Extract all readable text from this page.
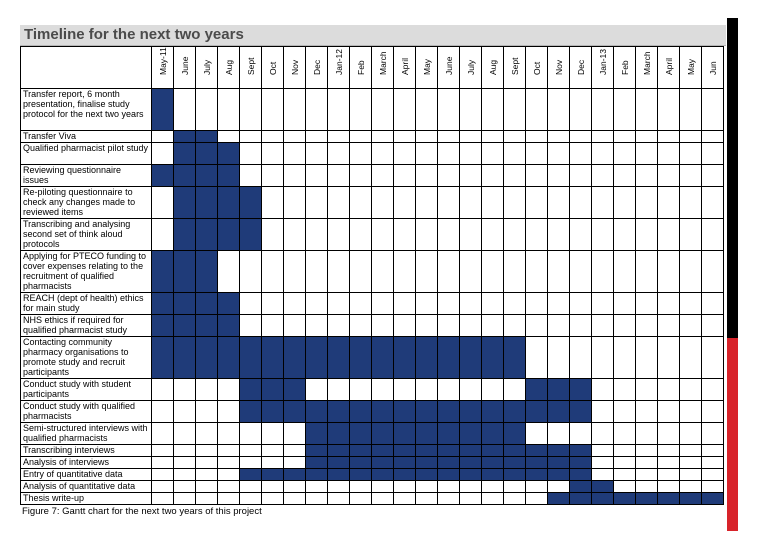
Timeline for the next two years
May-11 June July Aug Sept Oct Nov Dec Jan-12 Feb March April May June July Aug Sept Oct Nov Dec Jan-13 Feb March April May Jun
Transfer report, 6 month presentation, finalise study protocol for the next two years
Transfer Viva
Qualified pharmacist pilot study
Reviewing questionnaire issues
Re-piloting questionnaire to check any changes made to reviewed items
Transcribing and analysing second set of think aloud protocols
Applying for PTECO funding to cover expenses relating to the recruitment of qualified pharmacists
REACH (dept of health) ethics for main study
NHS ethics if required for qualified pharmacist study
Contacting community pharmacy organisations to promote study and recruit participants
Conduct study with student participants
Conduct study with qualified pharmacists
Semi-structured interviews with qualified pharmacists
Transcribing interviews
Analysis of interviews
Entry of quantitative data
Analysis of quantitative data
Thesis write-up
Figure 7: Gantt chart for the next two years of this project
